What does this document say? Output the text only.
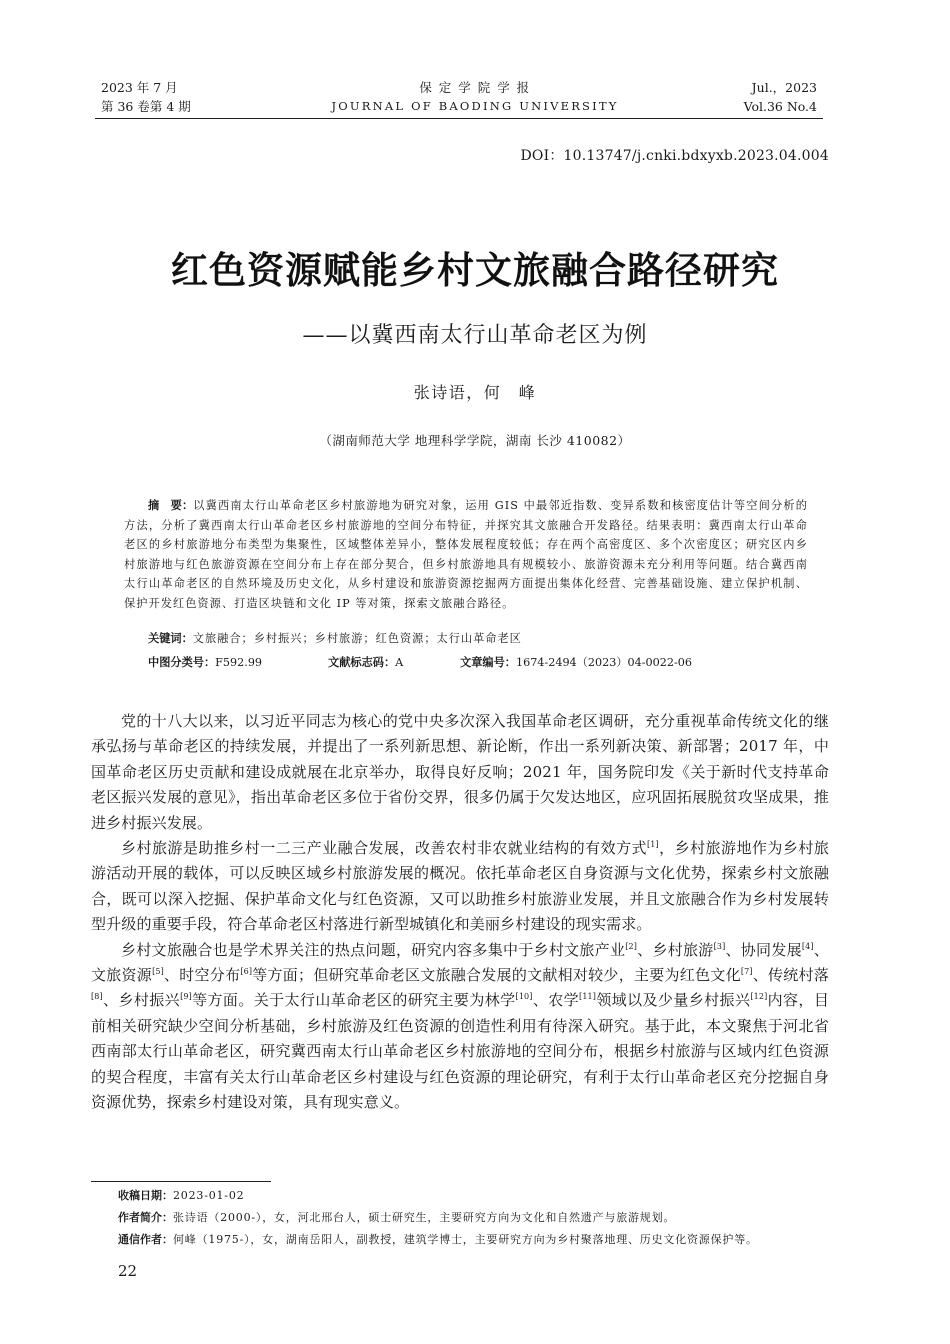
2023 年 7 月
第 36 卷第 4 期
保 定 学 院 学 报
JOURNAL OF BAODING UNIVERSITY
Jul.，2023
Vol.36 No.4
DOI：10.13747/j.cnki.bdxyxb.2023.04.004
红色资源赋能乡村文旅融合路径研究
——以冀西南太行山革命老区为例
张诗语，何　峰
（湖南师范大学 地理科学学院，湖南 长沙 410082）
摘　要：以冀西南太行山革命老区乡村旅游地为研究对象，运用 GIS 中最邻近指数、变异系数和核密度估计等空间分析的方法，分析了冀西南太行山革命老区乡村旅游地的空间分布特征，并探究其文旅融合开发路径。结果表明：冀西南太行山革命老区的乡村旅游地分布类型为集聚性，区域整体差异小，整体发展程度较低；存在两个高密度区、多个次密度区；研究区内乡村旅游地与红色旅游资源在空间分布上存在部分契合，但乡村旅游地具有规模较小、旅游资源未充分利用等问题。结合冀西南太行山革命老区的自然环境及历史文化，从乡村建设和旅游资源挖掘两方面提出集体化经营、完善基础设施、建立保护机制、保护开发红色资源、打造区块链和文化 IP 等对策，探索文旅融合路径。
关键词：文旅融合；乡村振兴；乡村旅游；红色资源；太行山革命老区
中图分类号：F592.99	文献标志码：A	文章编号：1674-2494（2023）04-0022-06

党的十八大以来，以习近平同志为核心的党中央多次深入我国革命老区调研，充分重视革命传统文化的继承弘扬与革命老区的持续发展，并提出了一系列新思想、新论断，作出一系列新决策、新部署；2017 年，中国革命老区历史贡献和建设成就展在北京举办，取得良好反响；2021 年，国务院印发《关于新时代支持革命老区振兴发展的意见》，指出革命老区多位于省份交界，很多仍属于欠发达地区，应巩固拓展脱贫攻坚成果，推进乡村振兴发展。

乡村旅游是助推乡村一二三产业融合发展，改善农村非农就业结构的有效方式[1]，乡村旅游地作为乡村旅游活动开展的载体，可以反映区域乡村旅游发展的概况。依托革命老区自身资源与文化优势，探索乡村文旅融合，既可以深入挖掘、保护革命文化与红色资源，又可以助推乡村旅游业发展，并且文旅融合作为乡村发展转型升级的重要手段，符合革命老区村落进行新型城镇化和美丽乡村建设的现实需求。

乡村文旅融合也是学术界关注的热点问题，研究内容多集中于乡村文旅产业[2]、乡村旅游[3]、协同发展[4]、文旅资源[5]、时空分布[6]等方面；但研究革命老区文旅融合发展的文献相对较少，主要为红色文化[7]、传统村落[8]、乡村振兴[9]等方面。关于太行山革命老区的研究主要为林学[10]、农学[11]领域以及少量乡村振兴[12]内容，目前相关研究缺少空间分析基础，乡村旅游及红色资源的创造性利用有待深入研究。基于此，本文聚焦于河北省西南部太行山革命老区，研究冀西南太行山革命老区乡村旅游地的空间分布，根据乡村旅游与区域内红色资源的契合程度，丰富有关太行山革命老区乡村建设与红色资源的理论研究，有利于太行山革命老区充分挖掘自身资源优势，探索乡村建设对策，具有现实意义。

收稿日期：2023-01-02
作者简介：张诗语（2000-），女，河北邢台人，硕士研究生，主要研究方向为文化和自然遗产与旅游规划。
通信作者：何峰（1975-），女，湖南岳阳人，副教授，建筑学博士，主要研究方向为乡村聚落地理、历史文化资源保护等。
22
